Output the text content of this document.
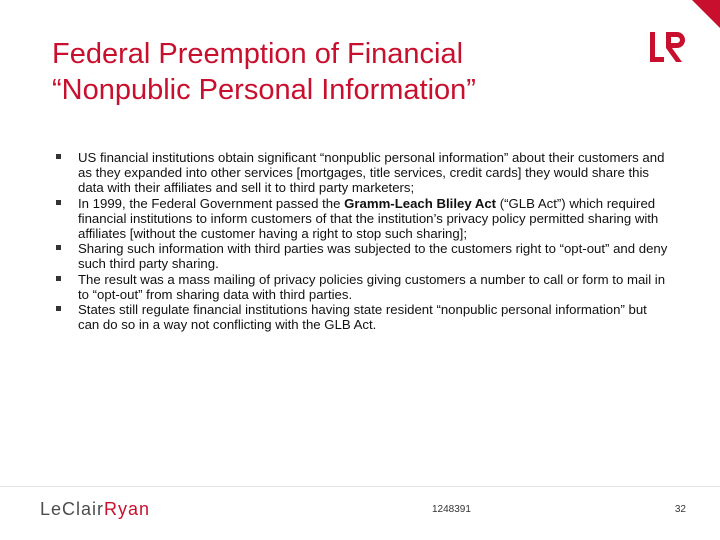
Federal Preemption of Financial
“Nonpublic Personal Information”
US financial institutions obtain significant “nonpublic personal information” about their customers and as they expanded into other services [mortgages, title services, credit cards] they would share this data with their affiliates and sell it to third party marketers;
In 1999, the Federal Government passed the Gramm-Leach Bliley Act (“GLB Act”) which required financial institutions to inform customers of that the institution’s privacy policy permitted sharing with affiliates [without the customer having a right to stop such sharing];
Sharing such information with third parties was subjected to the customers right to “opt-out” and deny such third party sharing.
The result was a mass mailing of privacy policies giving customers a number to call or form to mail in to “opt-out” from sharing data with third parties.
States still regulate financial institutions having state resident “nonpublic personal information” but can do so in a way not conflicting with the GLB Act.
LeClair Ryan	1248391	32
